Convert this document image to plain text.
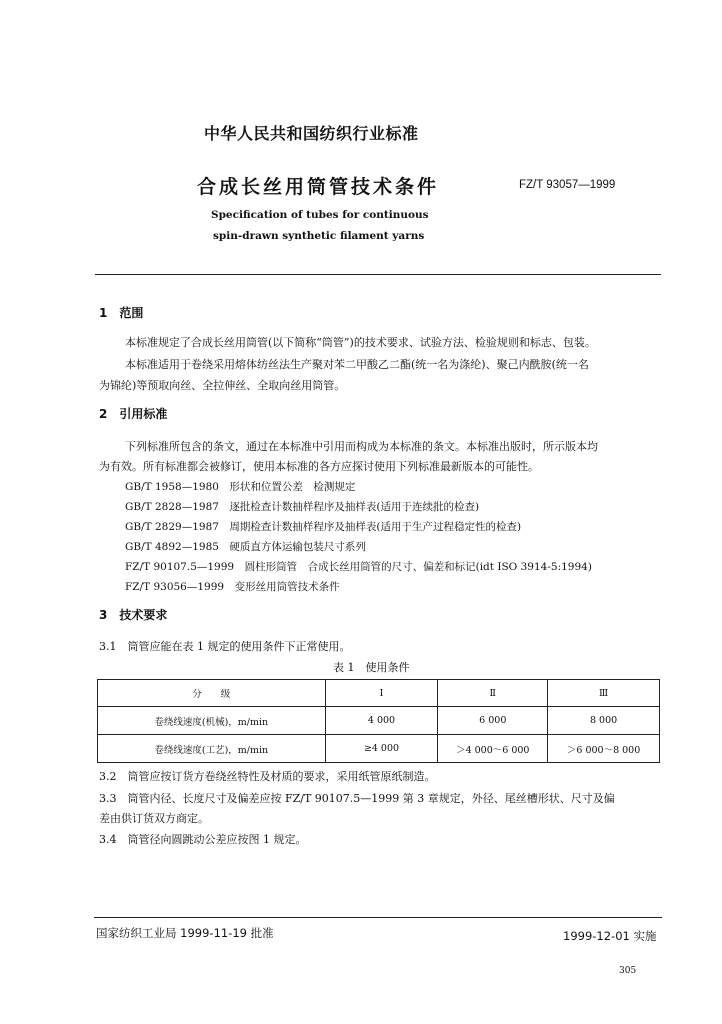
中华人民共和国纺织行业标准
合成长丝用筒管技术条件	FZ/T 93057—1999
Specification of tubes for continuous
spin-drawn synthetic filament yarns
1　范围
本标准规定了合成长丝用筒管(以下简称“筒管”)的技术要求、试验方法、检验规则和标志、包装。
本标准适用于卷绕采用熔体纺丝法生产聚对苯二甲酸乙二酯(统一名为涤纶)、聚己内酰胺(统一名
为锦纶)等预取向丝、全拉伸丝、全取向丝用筒管。
2　引用标准
下列标准所包含的条文，通过在本标准中引用而构成为本标准的条文。本标准出版时，所示版本均
为有效。所有标准都会被修订，使用本标准的各方应探讨使用下列标准最新版本的可能性。
GB/T 1958—1980　形状和位置公差　检测规定
GB/T 2828—1987　逐批检查计数抽样程序及抽样表(适用于连续批的检查)
GB/T 2829—1987　周期检查计数抽样程序及抽样表(适用于生产过程稳定性的检查)
GB/T 4892—1985　硬质直方体运输包装尺寸系列
FZ/T 90107.5—1999　圆柱形筒管　合成长丝用筒管的尺寸、偏差和标记(idt ISO 3914-5:1994)
FZ/T 93056—1999　变形丝用筒管技术条件
3　技术要求
3.1　筒管应能在表 1 规定的使用条件下正常使用。
表 1　使用条件
分　　级	Ⅰ	Ⅱ	Ⅲ
卷绕线速度(机械)，m/min	4 000	6 000	8 000
卷绕线速度(工艺)，m/min	≥4 000	＞4 000～6 000	＞6 000～8 000
3.2　筒管应按订货方卷绕丝特性及材质的要求，采用纸管原纸制造。
3.3　筒管内径、长度尺寸及偏差应按 FZ/T 90107.5—1999 第 3 章规定，外径、尾丝槽形状、尺寸及偏
差由供订货双方商定。
3.4　筒管径向圆跳动公差应按图 1 规定。
国家纺织工业局 1999-11-19 批准	1999-12-01 实施
305
